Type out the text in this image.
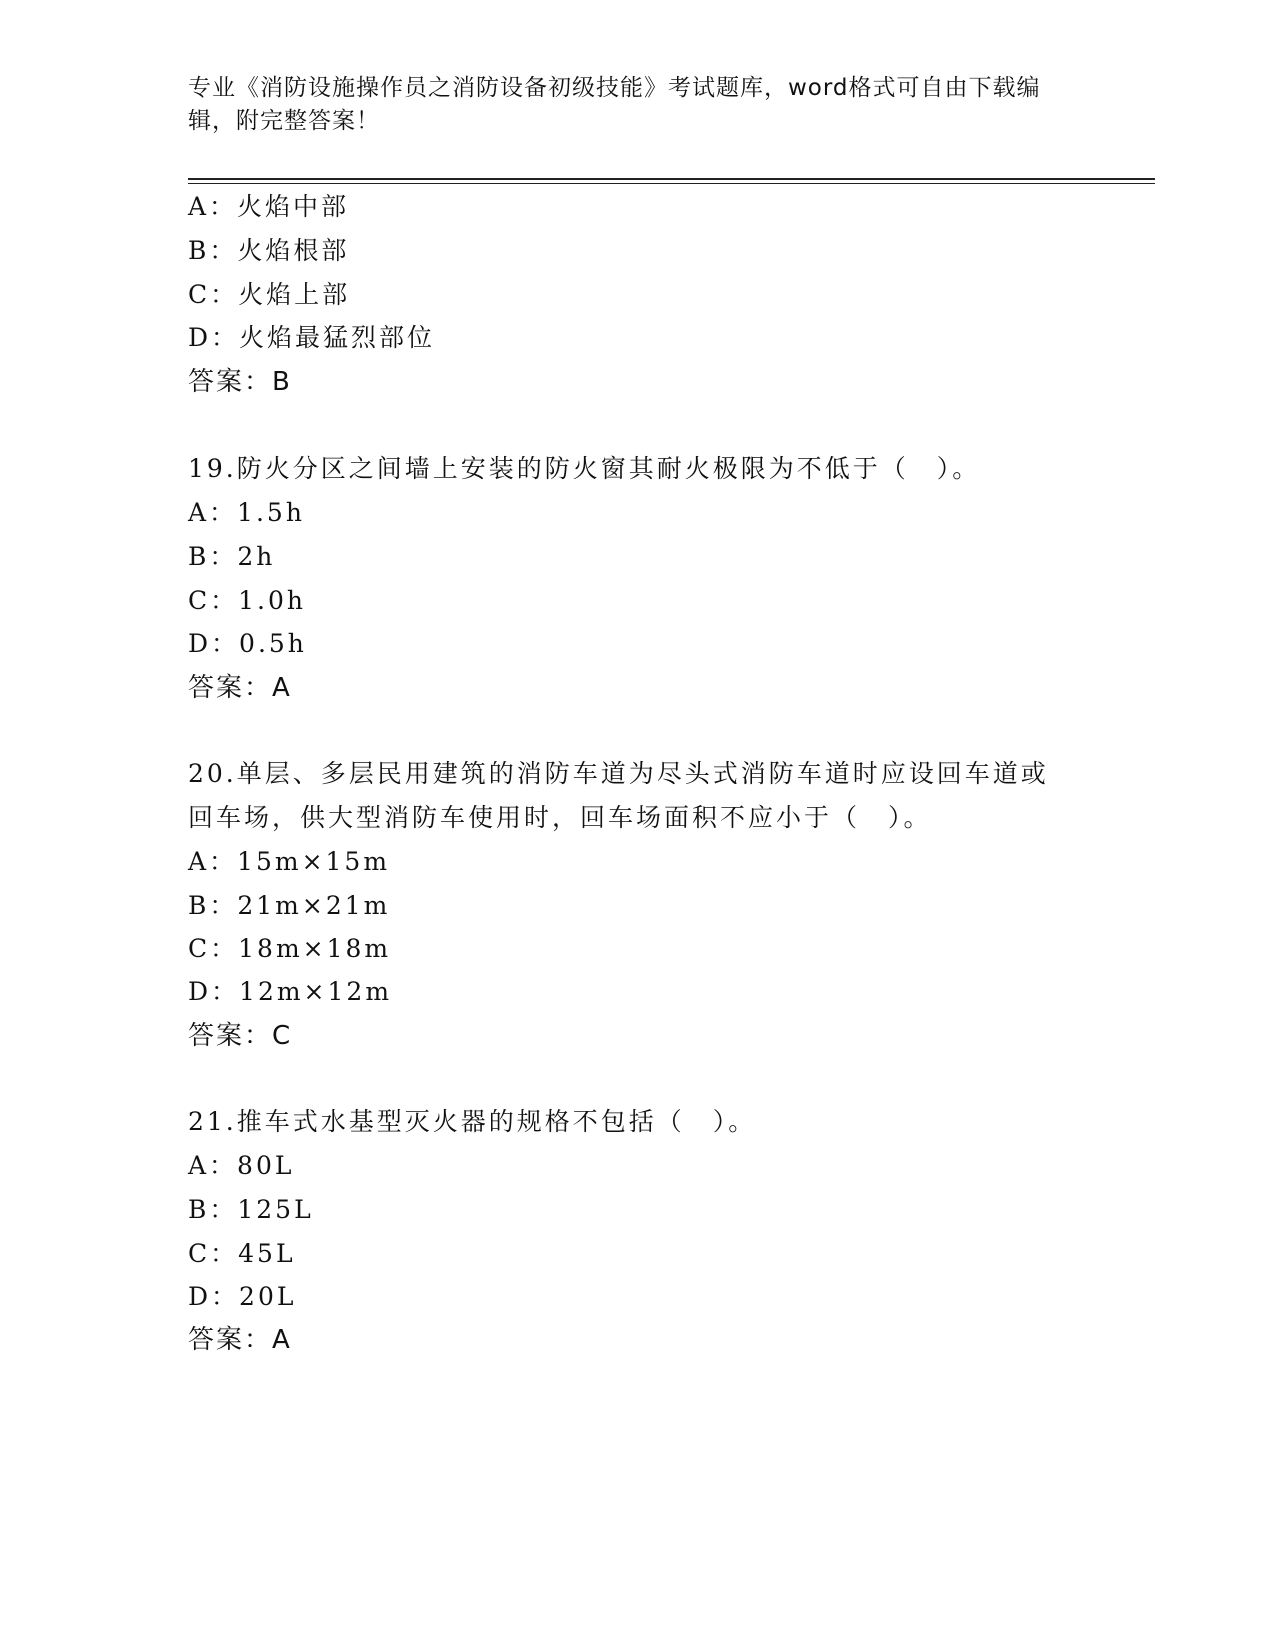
专业《消防设施操作员之消防设备初级技能》考试题库，word格式可自由下载编
辑，附完整答案！
A：火焰中部
B：火焰根部
C：火焰上部
D：火焰最猛烈部位
答案：B
19.防火分区之间墙上安装的防火窗其耐火极限为不低于（　）。
A：1.5h
B：2h
C：1.0h
D：0.5h
答案：A
20.单层、多层民用建筑的消防车道为尽头式消防车道时应设回车道或
回车场，供大型消防车使用时，回车场面积不应小于（　）。
A：15m×15m
B：21m×21m
C：18m×18m
D：12m×12m
答案：C
21.推车式水基型灭火器的规格不包括（　）。
A：80L
B：125L
C：45L
D：20L
答案：A
